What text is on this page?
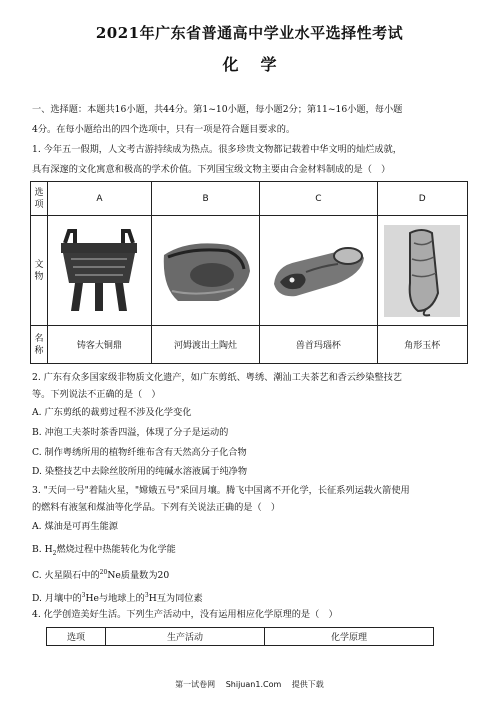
2021年广东省普通高中学业水平选择性考试
化学
一、选择题：本题共16小题，共44分。第1~10小题，每小题2分；第11~16小题，每小题
4分。在每小题给出的四个选项中，只有一项是符合题目要求的。
1. 今年五一假期，人文考古游持续成为热点。很多珍贵文物都记载着中华文明的灿烂成就，
具有深邃的文化寓意和极高的学术价值。下列国宝级文物主要由合金材料制成的是（　）
选
项	A	B	C	D

文
物

名
称	铸客大铜鼎	河姆渡出土陶灶	兽首玛瑙杯	角形玉杯
2. 广东有众多国家级非物质文化遗产，如广东剪纸、粤绣、潮汕工夫茶艺和香云纱染整技艺
等。下列说法不正确的是（　）
A. 广东剪纸的裁剪过程不涉及化学变化
B. 冲泡工夫茶时茶香四溢，体现了分子是运动的
C. 制作粤绣所用的植物纤维布含有天然高分子化合物
D. 染整技艺中去除丝胶所用的纯碱水溶液属于纯净物
3. "天问一号"着陆火星，"嫦娥五号"采回月壤。腾飞中国离不开化学，长征系列运载火箭使用
的燃料有液氢和煤油等化学品。下列有关说法正确的是（　）
A. 煤油是可再生能源
B. $H_2$燃烧过程中热能转化为化学能
C. 火星陨石中的$^{20}$Ne质量数为20
D. 月壤中的$^3$He与地球上的$^3$H互为同位素
4. 化学创造美好生活。下列生产活动中，没有运用相应化学原理的是（　）
选项	生产活动	化学原理
第一试卷网　 Shijuan1.Com　 提供下载
